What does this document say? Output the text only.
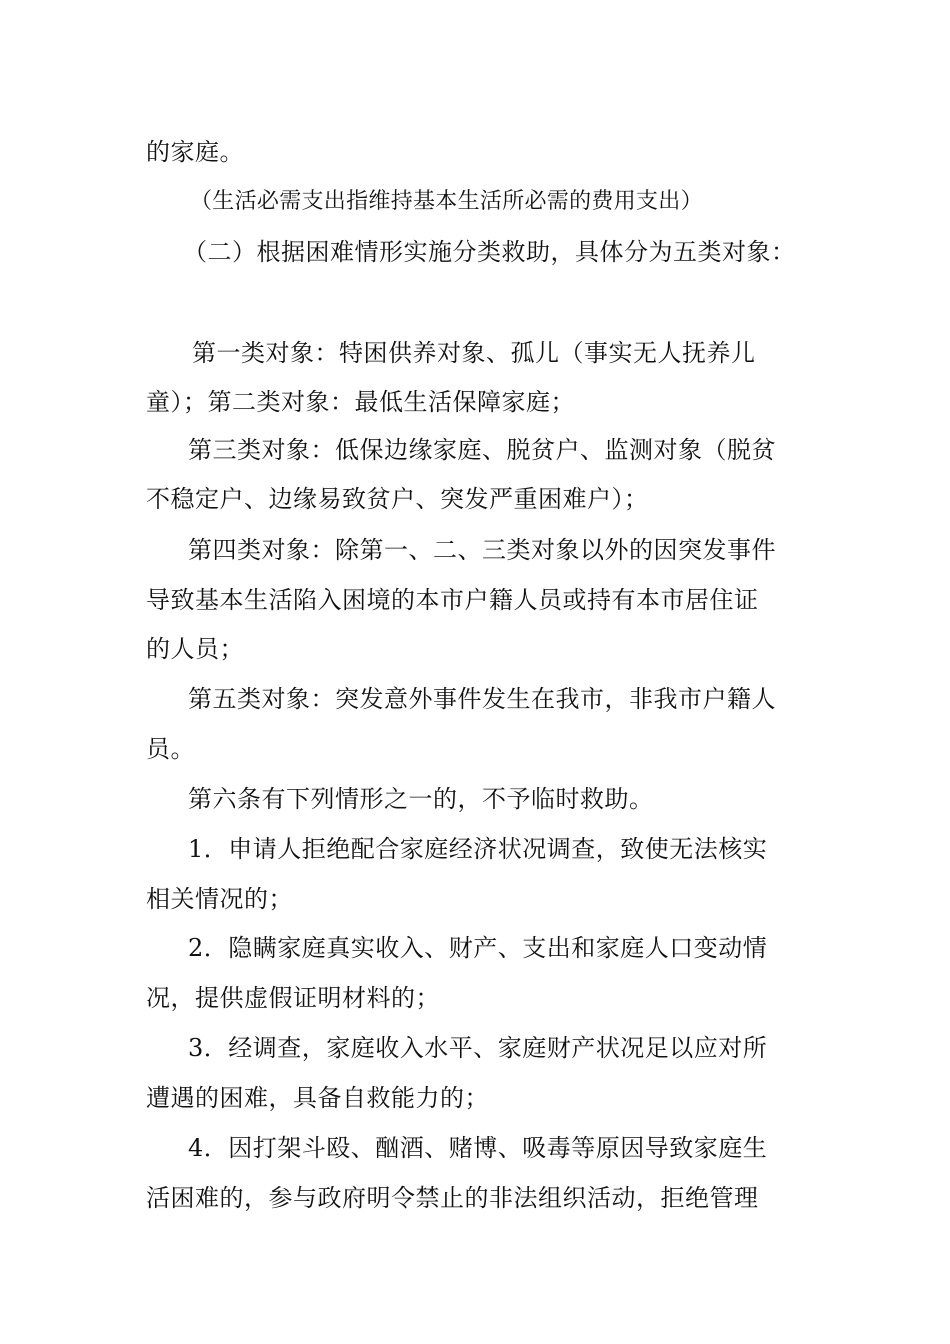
的家庭。
（生活必需支出指维持基本生活所必需的费用支出）
（二）根据困难情形实施分类救助，具体分为五类对象：
第一类对象：特困供养对象、孤儿（事实无人抚养儿
童）；第二类对象：最低生活保障家庭；
第三类对象：低保边缘家庭、脱贫户、监测对象（脱贫
不稳定户、边缘易致贫户、突发严重困难户）；
第四类对象：除第一、二、三类对象以外的因突发事件
导致基本生活陷入困境的本市户籍人员或持有本市居住证
的人员；
第五类对象：突发意外事件发生在我市，非我市户籍人
员。
第六条有下列情形之一的，不予临时救助。
1．申请人拒绝配合家庭经济状况调查，致使无法核实
相关情况的；
2．隐瞒家庭真实收入、财产、支出和家庭人口变动情
况，提供虚假证明材料的；
3．经调查，家庭收入水平、家庭财产状况足以应对所
遭遇的困难，具备自救能力的；
4．因打架斗殴、酗酒、赌博、吸毒等原因导致家庭生
活困难的，参与政府明令禁止的非法组织活动，拒绝管理
